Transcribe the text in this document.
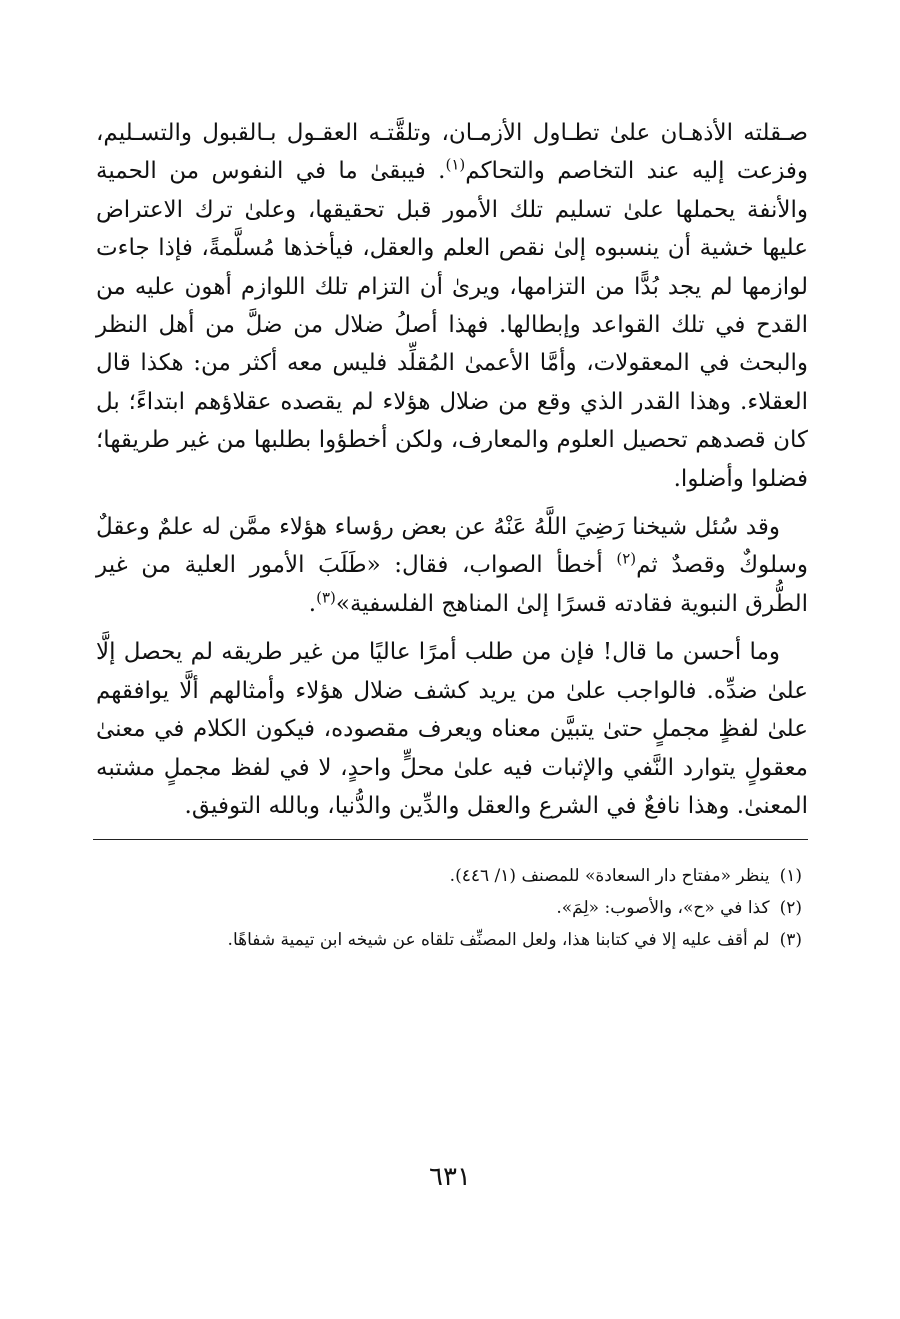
صـقلته الأذهـان علىٰ تطـاول الأزمـان، وتلقَّتـه العقـول بـالقبول والتسـليم، وفزعت إليه عند التخاصم والتحاكم$^{(١)}$. فيبقىٰ ما في النفوس من الحمية والأنفة يحملها علىٰ تسليم تلك الأمور قبل تحقيقها، وعلىٰ ترك الاعتراض عليها خشية أن ينسبوه إلىٰ نقص العلم والعقل، فيأخذها مُسلَّمةً، فإذا جاءت لوازمها لم يجد بُدًّا من التزامها، ويرىٰ أن التزام تلك اللوازم أهون عليه من القدح في تلك القواعد وإبطالها. فهذا أصلُ ضلال من ضلَّ من أهل النظر والبحث في المعقولات، وأمَّا الأعمىٰ المُقلِّد فليس معه أكثر من: هكذا قال العقلاء. وهذا القدر الذي وقع من ضلال هؤلاء لم يقصده عقلاؤهم ابتداءً؛ بل كان قصدهم تحصيل العلوم والمعارف، ولكن أخطؤوا بطلبها من غير طريقها؛ فضلوا وأضلوا.

وقد سُئل شيخنا رَضِيَ اللَّهُ عَنْهُ عن بعض رؤساء هؤلاء ممَّن له علمٌ وعقلٌ وسلوكٌ وقصدٌ ثم$^{(٢)}$ أخطأ الصواب، فقال: «طَلَبَ الأمور العلية من غير الطُّرق النبوية فقادته قسرًا إلىٰ المناهج الفلسفية»$^{(٣)}$.

وما أحسن ما قال! فإن من طلب أمرًا عاليًا من غير طريقه لم يحصل إلَّا علىٰ ضدِّه. فالواجب علىٰ من يريد كشف ضلال هؤلاء وأمثالهم ألَّا يوافقهم علىٰ لفظٍ مجملٍ حتىٰ يتبيَّن معناه ويعرف مقصوده، فيكون الكلام في معنىٰ معقولٍ يتوارد النَّفي والإثبات فيه علىٰ محلٍّ واحدٍ، لا في لفظ مجملٍ مشتبه المعنىٰ. وهذا نافعٌ في الشرع والعقل والدِّين والدُّنيا، وبالله التوفيق.

(١)ينظر «مفتاح دار السعادة» للمصنف (١/ ٤٤٦).
(٢)كذا في «ح»، والأصوب: «لِمَ».
(٣)لم أقف عليه إلا في كتابنا هذا، ولعل المصنِّف تلقاه عن شيخه ابن تيمية شفاهًا.
٦٣١
